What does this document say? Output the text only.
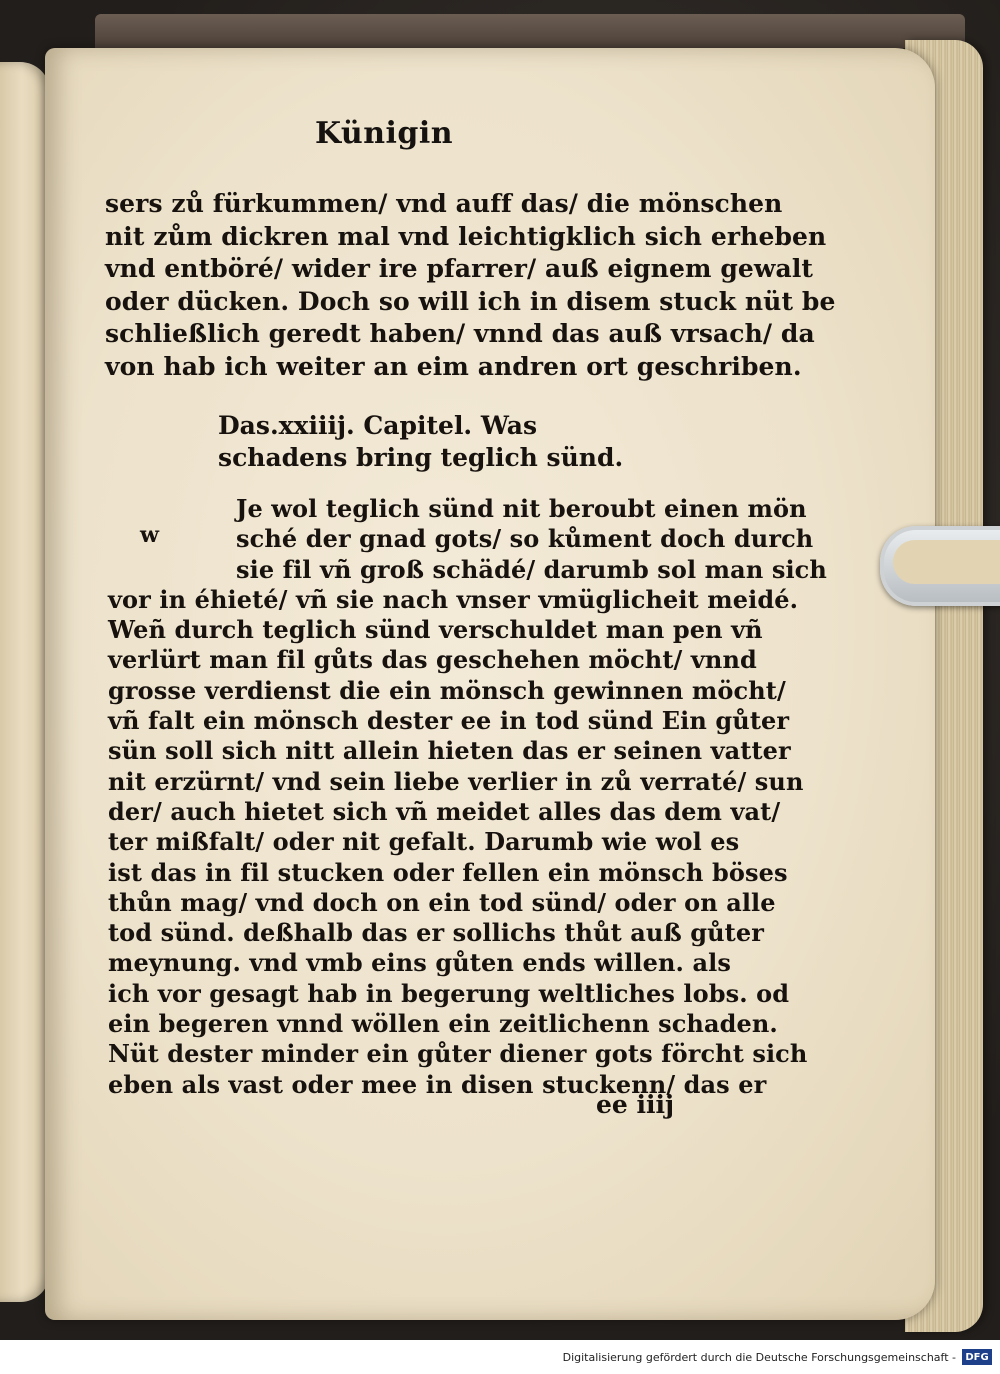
Künigin
sers zů fürkummen/ vnd auff das/ die mönschen
nit zům dickren mal vnd leichtigklich sich erheben
vnd entböré/ wider ire pfarrer/ auß eignem gewalt
oder dücken. Doch so will ich in disem stuck nüt be
schließlich geredt haben/ vnnd das auß vrsach/ da
von hab ich weiter an eim andren ort geschriben.
Das.xxiiij. Capitel. Was
schadens bring teglich sünd.
w
Je wol teglich sünd nit beroubt einen mön
sché der gnad gots/ so kůment doch durch
sie fil vñ groß schädé/ darumb sol man sich
vor in éhieté/ vñ sie nach vnser vmüglicheit meidé.
Weñ durch teglich sünd verschuldet man pen vñ
verlürt man fil gůts das geschehen möcht/ vnnd
grosse verdienst die ein mönsch gewinnen möcht/
vñ falt ein mönsch dester ee in tod sünd Ein gůter
sün soll sich nitt allein hieten das er seinen vatter
nit erzürnt/ vnd sein liebe verlier in zů verraté/ sun
der/ auch hietet sich vñ meidet alles das dem vat/
ter mißfalt/ oder nit gefalt. Darumb wie wol es
ist das in fil stucken oder fellen ein mönsch böses
thůn mag/ vnd doch on ein tod sünd/ oder on alle
tod sünd. deßhalb das er sollichs thůt auß gůter
meynung. vnd vmb eins gůten ends willen. als
ich vor gesagt hab in begerung weltliches lobs. od
ein begeren vnnd wöllen ein zeitlichenn schaden.
Nüt dester minder ein gůter diener gots förcht sich
eben als vast oder mee in disen stuckenn/ das er
ee iiij
Digitalisierung gefördert durch die Deutsche Forschungsgemeinschaft - DFG
